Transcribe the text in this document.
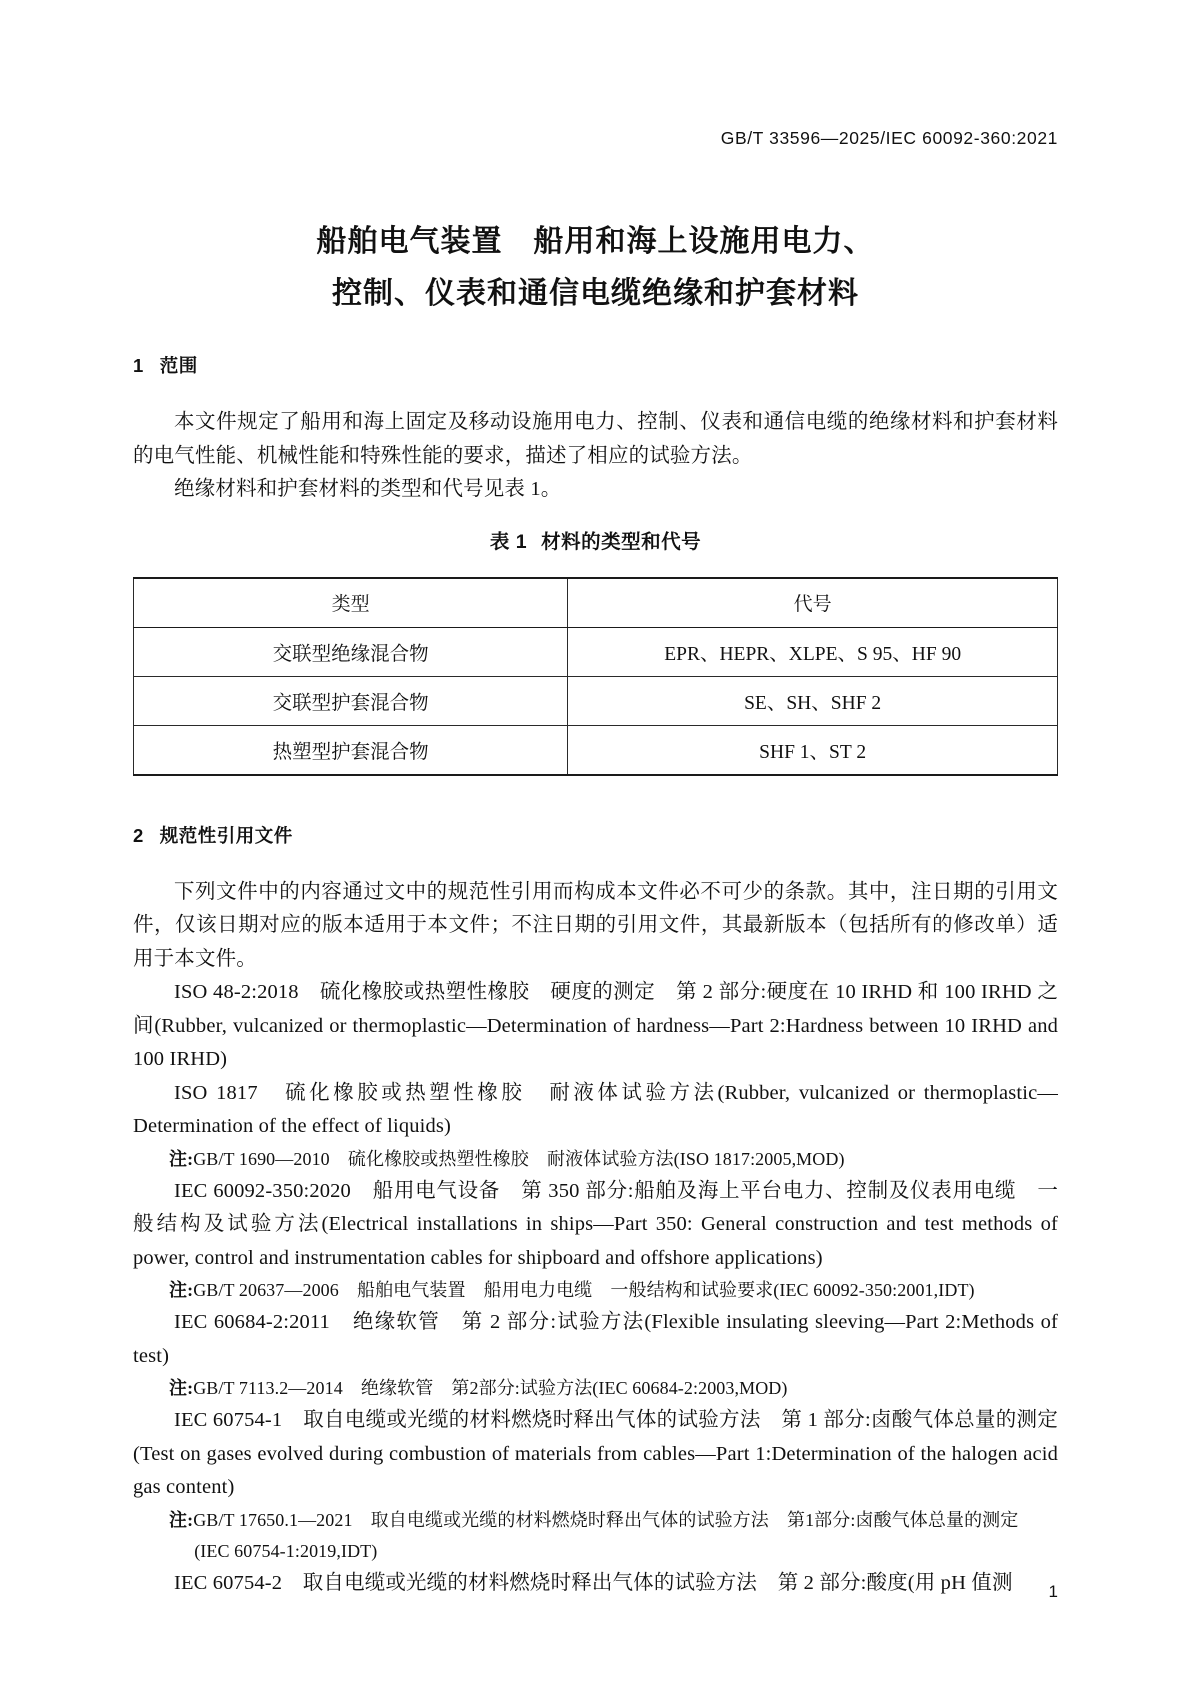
GB/T 33596—2025/IEC 60092-360:2021
船舶电气装置　船用和海上设施用电力、
控制、仪表和通信电缆绝缘和护套材料
1 范围

本文件规定了船用和海上固定及移动设施用电力、控制、仪表和通信电缆的绝缘材料和护套材料的电气性能、机械性能和特殊性能的要求，描述了相应的试验方法。

绝缘材料和护套材料的类型和代号见表 1。

表 1 材料的类型和代号

类型	代号
交联型绝缘混合物	EPR、HEPR、XLPE、S 95、HF 90
交联型护套混合物	SE、SH、SHF 2
热塑型护套混合物	SHF 1、ST 2
2 规范性引用文件

下列文件中的内容通过文中的规范性引用而构成本文件必不可少的条款。其中，注日期的引用文件，仅该日期对应的版本适用于本文件；不注日期的引用文件，其最新版本（包括所有的修改单）适用于本文件。

ISO 48-2:2018　硫化橡胶或热塑性橡胶　硬度的测定　第 2 部分:硬度在 10 IRHD 和 100 IRHD 之间(Rubber, vulcanized or thermoplastic—Determination of hardness—Part 2:Hardness between 10 IRHD and 100 IRHD)

ISO 1817　硫化橡胶或热塑性橡胶　耐液体试验方法(Rubber, vulcanized or thermoplastic—Determination of the effect of liquids)

注:GB/T 1690—2010　硫化橡胶或热塑性橡胶　耐液体试验方法(ISO 1817:2005,MOD)

IEC 60092-350:2020　船用电气设备　第 350 部分:船舶及海上平台电力、控制及仪表用电缆　一般结构及试验方法(Electrical installations in ships—Part 350: General construction and test methods of power, control and instrumentation cables for shipboard and offshore applications)

注:GB/T 20637—2006　船舶电气装置　船用电力电缆　一般结构和试验要求(IEC 60092-350:2001,IDT)

IEC 60684-2:2011　绝缘软管　第 2 部分:试验方法(Flexible insulating sleeving—Part 2:Methods of test)

注:GB/T 7113.2—2014　绝缘软管　第2部分:试验方法(IEC 60684-2:2003,MOD)

IEC 60754-1　取自电缆或光缆的材料燃烧时释出气体的试验方法　第 1 部分:卤酸气体总量的测定(Test on gases evolved during combustion of materials from cables—Part 1:Determination of the halogen acid gas content)

注:GB/T 17650.1—2021　取自电缆或光缆的材料燃烧时释出气体的试验方法　第1部分:卤酸气体总量的测定

(IEC 60754-1:2019,IDT)

IEC 60754-2　取自电缆或光缆的材料燃烧时释出气体的试验方法　第 2 部分:酸度(用 pH 值测	1
